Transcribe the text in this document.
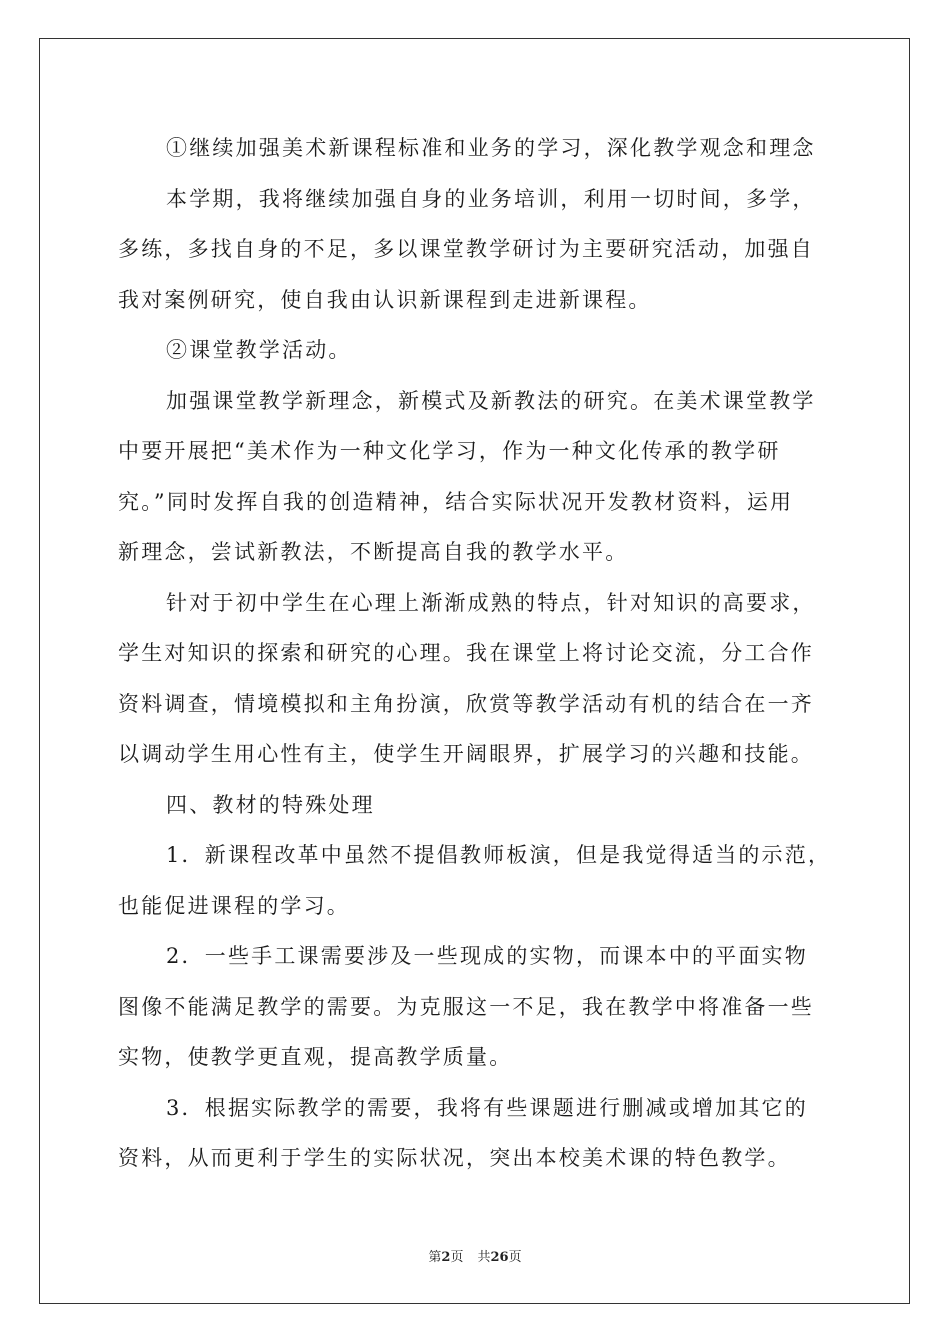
①继续加强美术新课程标准和业务的学习，深化教学观念和理念
本学期，我将继续加强自身的业务培训，利用一切时间，多学，
多练，多找自身的不足，多以课堂教学研讨为主要研究活动，加强自
我对案例研究，使自我由认识新课程到走进新课程。
②课堂教学活动。
加强课堂教学新理念，新模式及新教法的研究。在美术课堂教学
中要开展把“美术作为一种文化学习，作为一种文化传承的教学研
究。”同时发挥自我的创造精神，结合实际状况开发教材资料，运用
新理念，尝试新教法，不断提高自我的教学水平。
针对于初中学生在心理上渐渐成熟的特点，针对知识的高要求，
学生对知识的探索和研究的心理。我在课堂上将讨论交流，分工合作
资料调查，情境模拟和主角扮演，欣赏等教学活动有机的结合在一齐
以调动学生用心性有主，使学生开阔眼界，扩展学习的兴趣和技能。
四、教材的特殊处理
1．新课程改革中虽然不提倡教师板演，但是我觉得适当的示范，
也能促进课程的学习。
2．一些手工课需要涉及一些现成的实物，而课本中的平面实物
图像不能满足教学的需要。为克服这一不足，我在教学中将准备一些
实物，使教学更直观，提高教学质量。
3．根据实际教学的需要，我将有些课题进行删减或增加其它的
资料，从而更利于学生的实际状况，突出本校美术课的特色教学。
第2页 共26页
